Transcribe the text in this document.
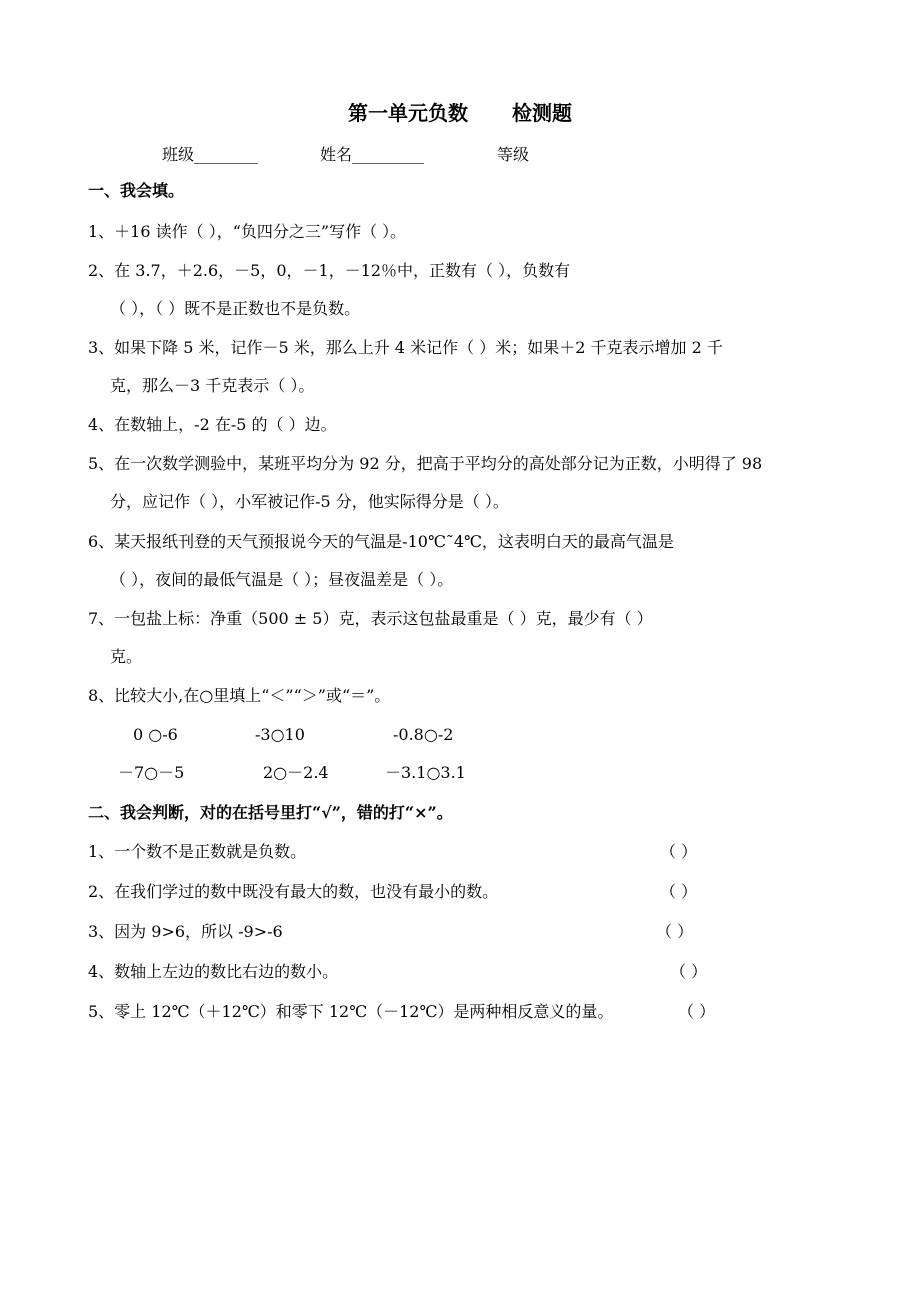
第一单元负数 检测题
班级________	姓名_________	等级
一、我会填。
1、＋16 读作（ ），“负四分之三”写作（ ）。
2、在 3.7，＋2.6，－5，0，－1，－12％中，正数有（ ），负数有
（ ），（ ）既不是正数也不是负数。
3、如果下降 5 米，记作－5 米，那么上升 4 米记作（ ）米；如果＋2 千克表示增加 2 千
克，那么－3 千克表示（ ）。
4、在数轴上，-2 在-5 的（ ）边。
5、在一次数学测验中，某班平均分为 92 分，把高于平均分的高处部分记为正数，小明得了 98
分，应记作（ ），小军被记作-5 分，他实际得分是（ ）。
6、某天报纸刊登的天气预报说今天的气温是-10℃˜4℃，这表明白天的最高气温是
（ ），夜间的最低气温是（ ）；昼夜温差是（ ）。
7、一包盐上标：净重（500 ± 5）克，表示这包盐最重是（ ）克，最少有（ ）
克。
8、比较大小,在○里填上“＜”“＞”或“＝”。
0 ○-6	-3○10	-0.8○-2
－7○－5	2○－2.4	－3.1○3.1
二、我会判断，对的在括号里打“√”，错的打“×”。
1、一个数不是正数就是负数。	（ ）
2、在我们学过的数中既没有最大的数，也没有最小的数。	（ ）
3、因为 9>6，所以 -9>-6	（ ）
4、数轴上左边的数比右边的数小。	（ ）
5、零上 12℃（＋12℃）和零下 12℃（－12℃）是两种相反意义的量。	（ ）
